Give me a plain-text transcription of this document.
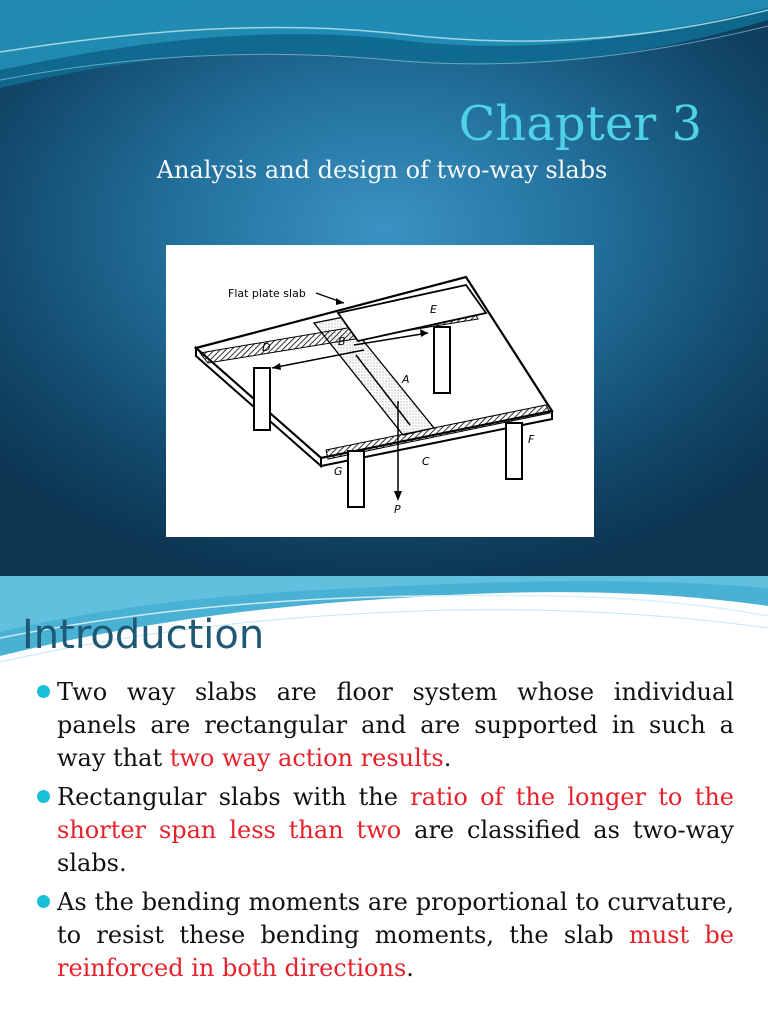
Chapter 3
Analysis and design of two-way slabs
Flat plate slab
A
B
C
D
E
F
G
P
Introduction
Two way slabs are floor system whose individual panels are rectangular and are supported in such a way that two way action results.
Rectangular slabs with the ratio of the longer to the shorter span less than two are classified as two-way slabs.
As the bending moments are proportional to curvature, to resist these bending moments, the slab must be reinforced in both directions.
